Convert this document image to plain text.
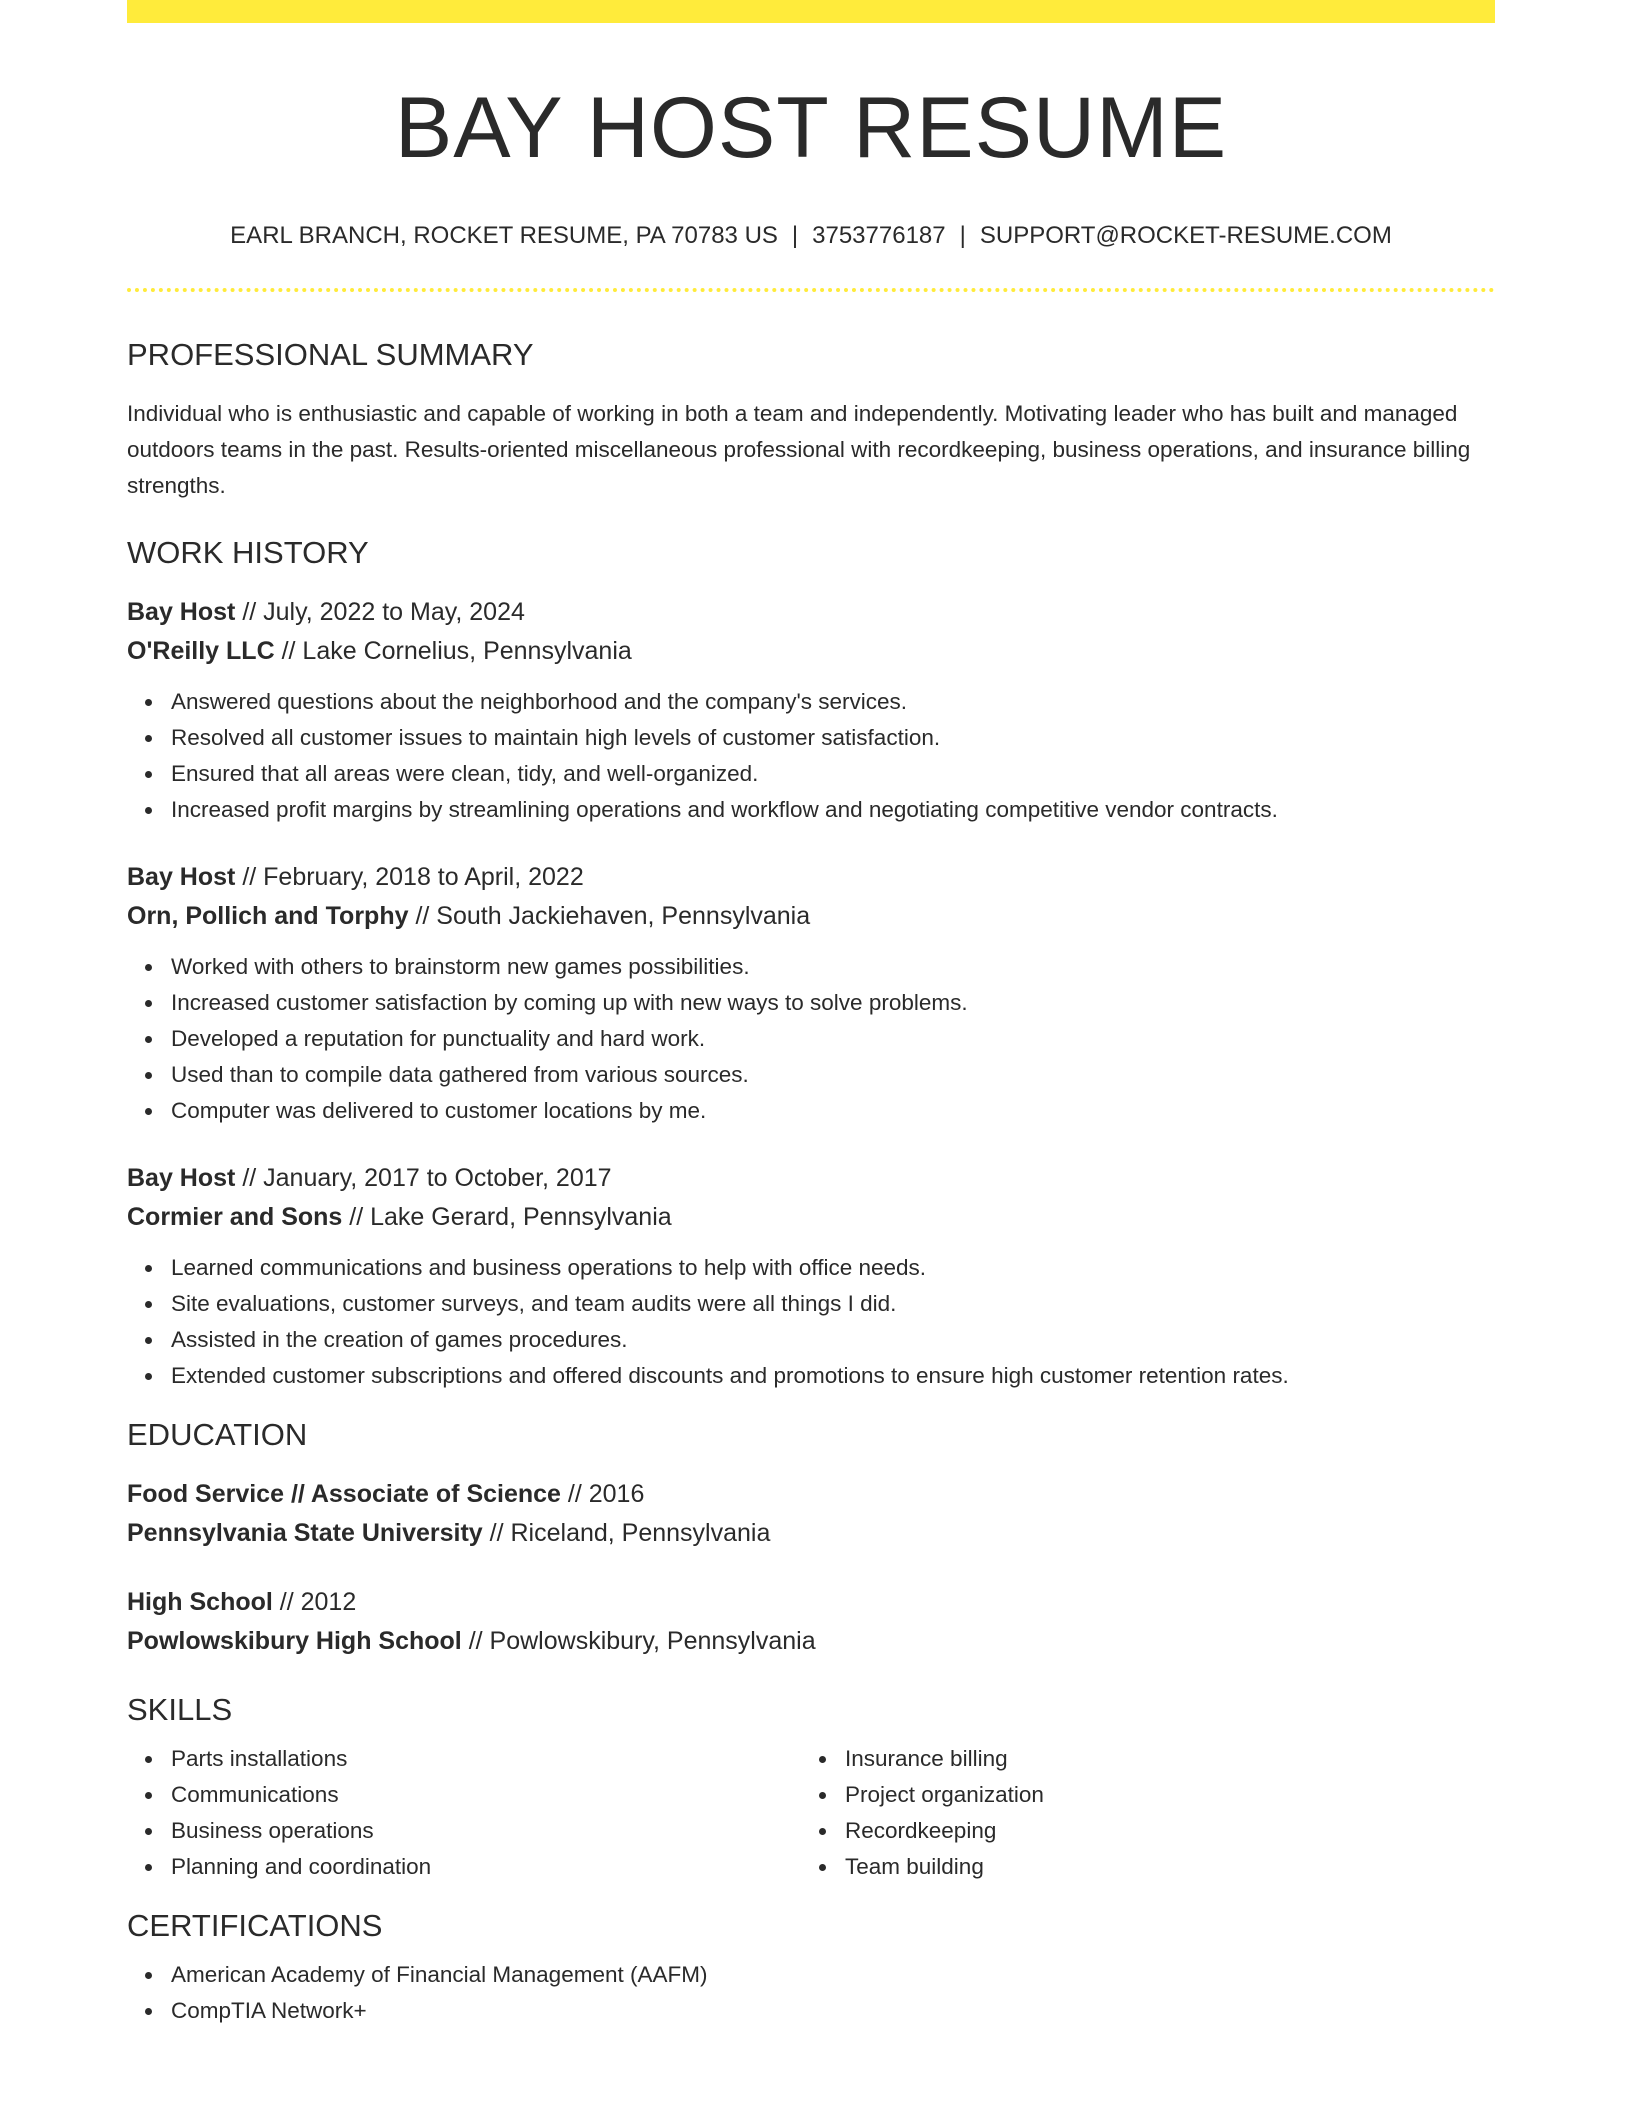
BAY HOST RESUME
EARL BRANCH, ROCKET RESUME, PA 70783 US | 3753776187 | SUPPORT@ROCKET-RESUME.COM
PROFESSIONAL SUMMARY
Individual who is enthusiastic and capable of working in both a team and independently. Motivating leader who has built and managed outdoors teams in the past. Results-oriented miscellaneous professional with recordkeeping, business operations, and insurance billing strengths.
WORK HISTORY
Bay Host // July, 2022 to May, 2024
O'Reilly LLC // Lake Cornelius, Pennsylvania
Answered questions about the neighborhood and the company's services.
Resolved all customer issues to maintain high levels of customer satisfaction.
Ensured that all areas were clean, tidy, and well-organized.
Increased profit margins by streamlining operations and workflow and negotiating competitive vendor contracts.
Bay Host // February, 2018 to April, 2022
Orn, Pollich and Torphy // South Jackiehaven, Pennsylvania
Worked with others to brainstorm new games possibilities.
Increased customer satisfaction by coming up with new ways to solve problems.
Developed a reputation for punctuality and hard work.
Used than to compile data gathered from various sources.
Computer was delivered to customer locations by me.
Bay Host // January, 2017 to October, 2017
Cormier and Sons // Lake Gerard, Pennsylvania
Learned communications and business operations to help with office needs.
Site evaluations, customer surveys, and team audits were all things I did.
Assisted in the creation of games procedures.
Extended customer subscriptions and offered discounts and promotions to ensure high customer retention rates.
EDUCATION
Food Service // Associate of Science // 2016
Pennsylvania State University // Riceland, Pennsylvania
High School // 2012
Powlowskibury High School // Powlowskibury, Pennsylvania
SKILLS
Parts installations
Communications
Business operations
Planning and coordination
Insurance billing
Project organization
Recordkeeping
Team building
CERTIFICATIONS
American Academy of Financial Management (AAFM)
CompTIA Network+
